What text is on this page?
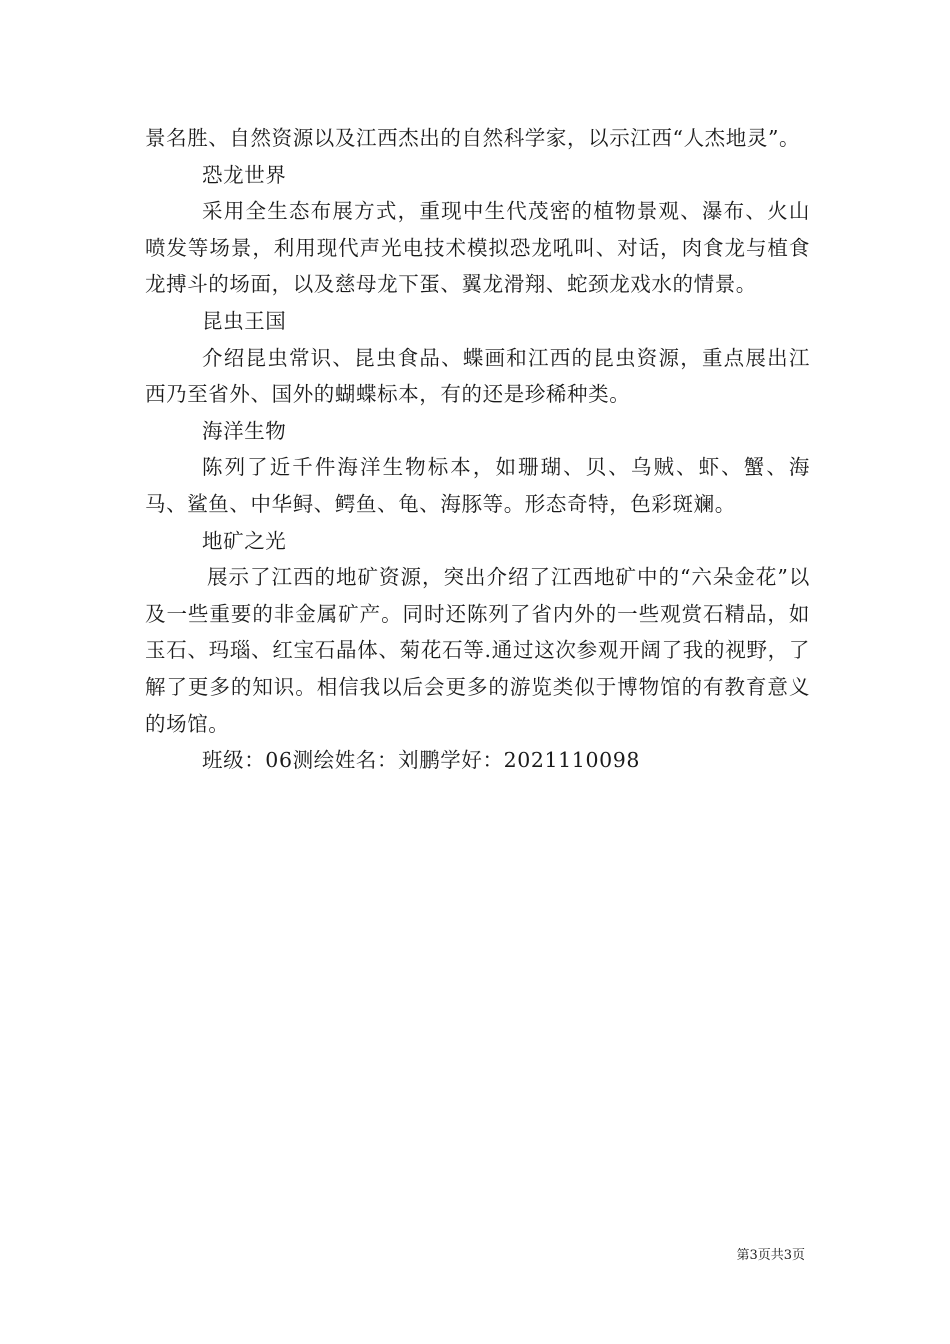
景名胜、自然资源以及江西杰出的自然科学家，以示江西“人杰地灵”。

恐龙世界

采用全生态布展方式，重现中生代茂密的植物景观、瀑布、火山喷发等场景，利用现代声光电技术模拟恐龙吼叫、对话，肉食龙与植食龙搏斗的场面，以及慈母龙下蛋、翼龙滑翔、蛇颈龙戏水的情景。

昆虫王国

介绍昆虫常识、昆虫食品、蝶画和江西的昆虫资源，重点展出江西乃至省外、国外的蝴蝶标本，有的还是珍稀种类。

海洋生物

陈列了近千件海洋生物标本，如珊瑚、贝、乌贼、虾、蟹、海马、鲨鱼、中华鲟、鳄鱼、龟、海豚等。形态奇特，色彩斑斓。

地矿之光

展示了江西的地矿资源，突出介绍了江西地矿中的“六朵金花”以及一些重要的非金属矿产。同时还陈列了省内外的一些观赏石精品，如玉石、玛瑙、红宝石晶体、菊花石等.通过这次参观开阔了我的视野，了解了更多的知识。相信我以后会更多的游览类似于博物馆的有教育意义的场馆。

班级：06测绘姓名：刘鹏学好：2021110098

第3页共3页
